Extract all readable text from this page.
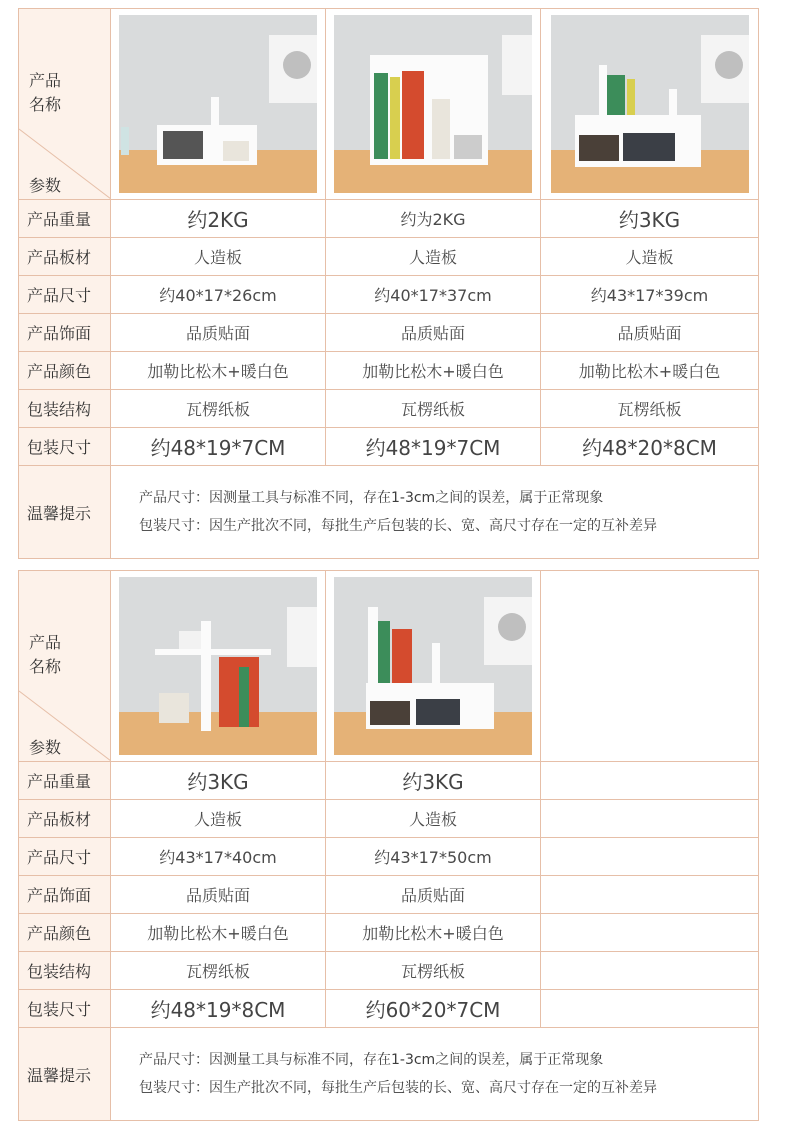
产品
名称
参数
产品重量	约2KG	约为2KG	约3KG
产品板材	人造板	人造板	人造板
产品尺寸	约40*17*26cm	约40*17*37cm	约43*17*39cm
产品饰面	品质贴面	品质贴面	品质贴面
产品颜色	加勒比松木+暖白色	加勒比松木+暖白色	加勒比松木+暖白色
包装结构	瓦楞纸板	瓦楞纸板	瓦楞纸板
包装尺寸	约48*19*7CM	约48*19*7CM	约48*20*8CM
温馨提示
产品尺寸：因测量工具与标准不同，存在1-3cm之间的误差，属于正常现象
包装尺寸：因生产批次不同，每批生产后包装的长、宽、高尺寸存在一定的互补差异
产品
名称
参数
产品重量	约3KG	约3KG
产品板材	人造板	人造板
产品尺寸	约43*17*40cm	约43*17*50cm
产品饰面	品质贴面	品质贴面
产品颜色	加勒比松木+暖白色	加勒比松木+暖白色
包装结构	瓦楞纸板	瓦楞纸板
包装尺寸	约48*19*8CM	约60*20*7CM
温馨提示
产品尺寸：因测量工具与标准不同，存在1-3cm之间的误差，属于正常现象
包装尺寸：因生产批次不同，每批生产后包装的长、宽、高尺寸存在一定的互补差异
